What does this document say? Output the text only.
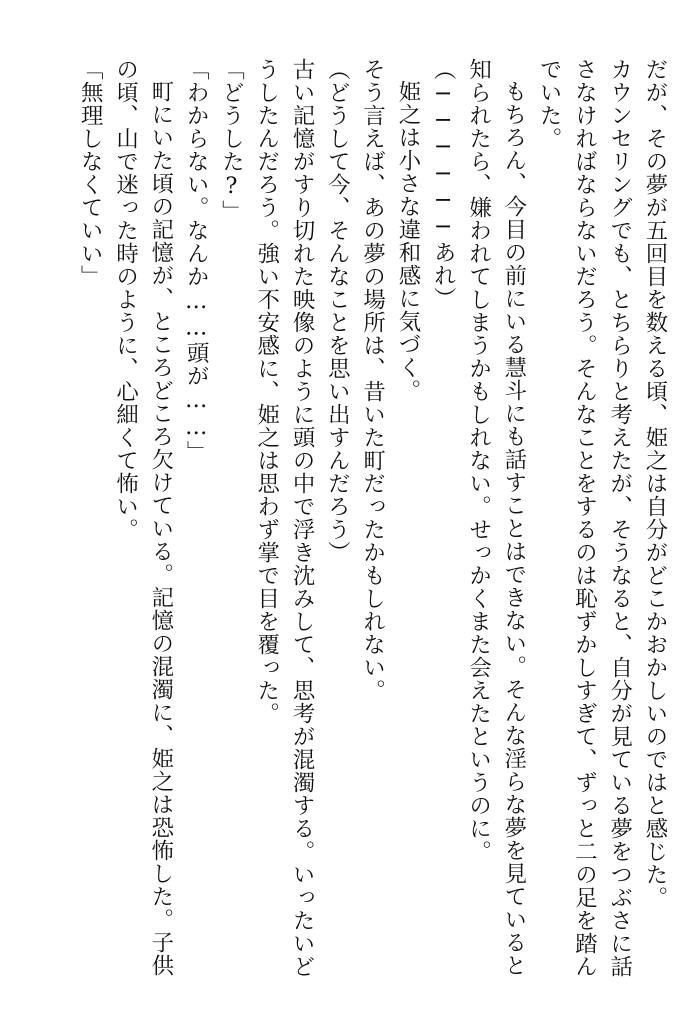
だが、その夢が五回目を数える頃、姫之は自分がどこかおかしいのではと感じた。

カウンセリングでも、とちらりと考えたが、そうなると、自分が見ている夢をつぶさに話さなければならないだろう。そんなことをするのは恥ずかしすぎて、ずっと二の足を踏んでいた。

もちろん、今目の前にいる慧斗にも話すことはできない。そんな淫らな夢を見ていると知られたら、嫌われてしまうかもしれない。せっかくまた会えたというのに。

（──────あれ）

姫之は小さな違和感に気づく。

そう言えば、あの夢の場所は、昔いた町だったかもしれない。

（どうして今、そんなことを思い出すんだろう）

古い記憶がすり切れた映像のように頭の中で浮き沈みして、思考が混濁する。いったいどうしたんだろう。強い不安感に、姫之は思わず掌で目を覆った。

「どうした?」

「わからない。なんか……頭が……」

町にいた頃の記憶が、ところどころ欠けている。記憶の混濁に、姫之は恐怖した。子供の頃、山で迷った時のように、心細くて怖い。

「無理しなくていい」
